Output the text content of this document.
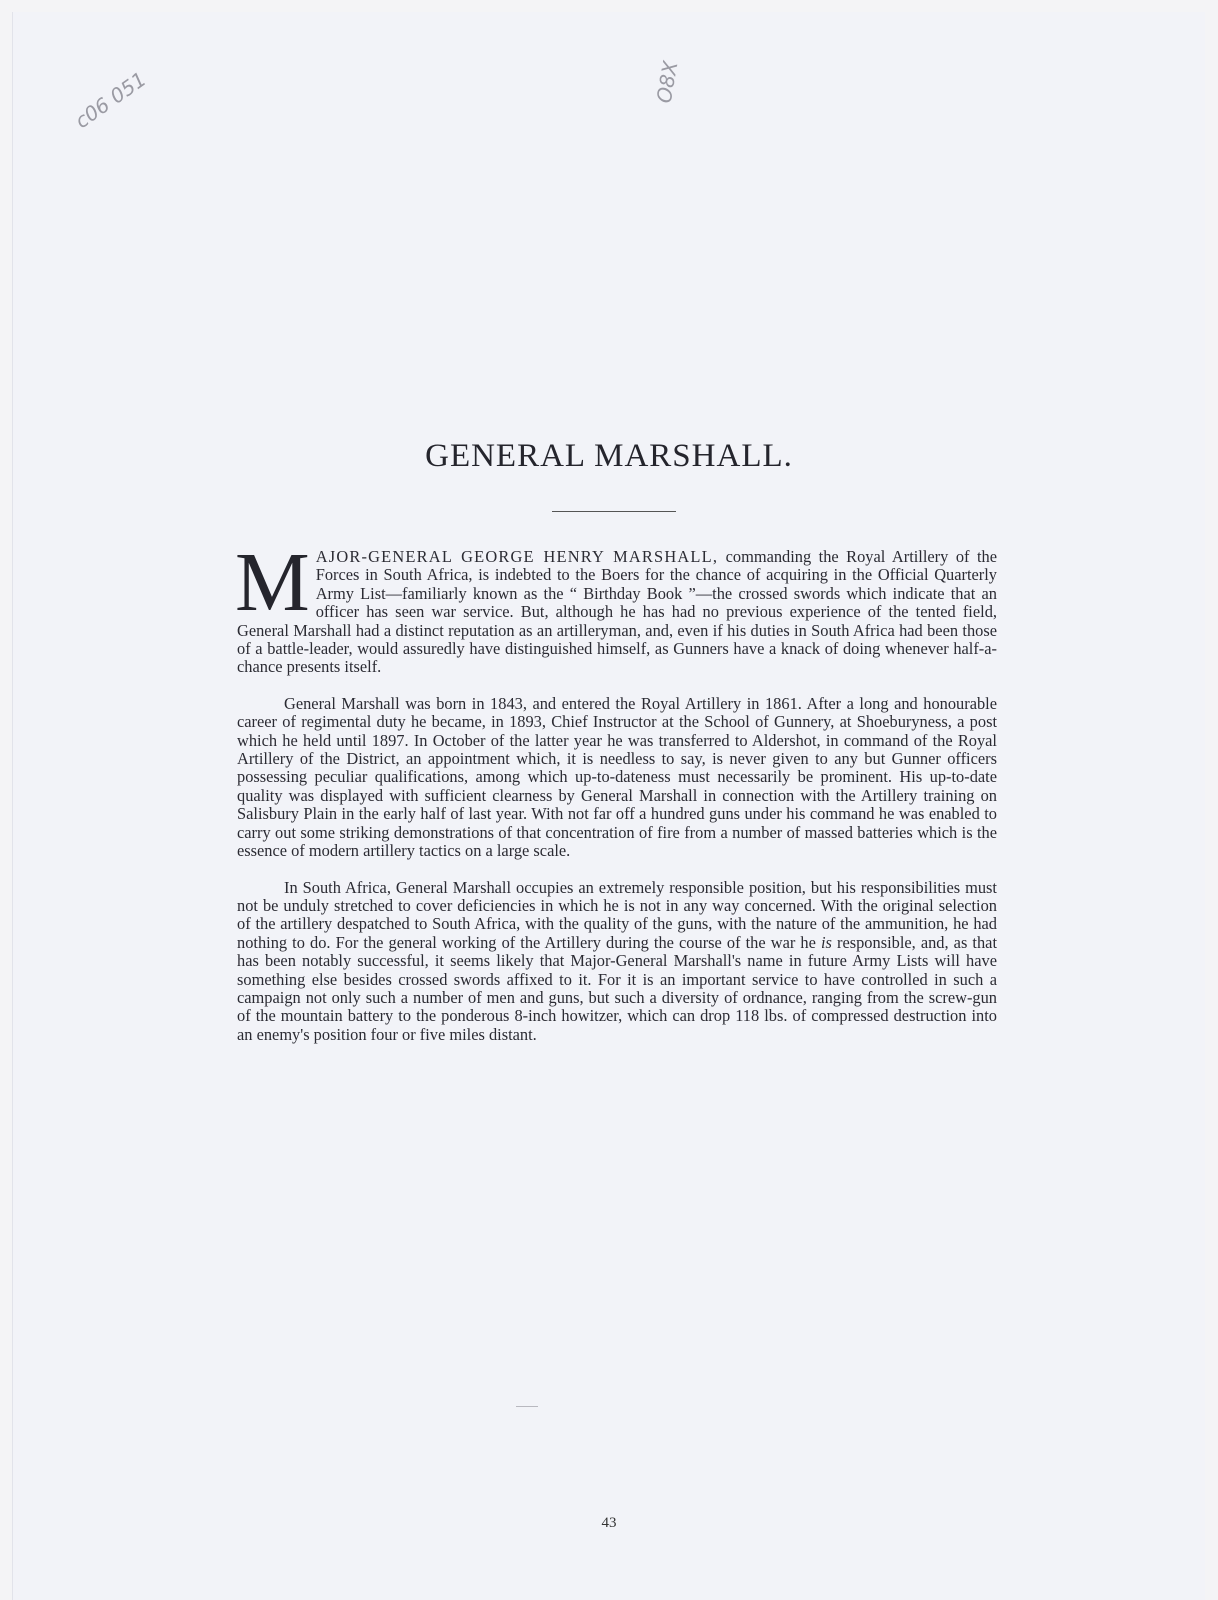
c06 051	O8X
GENERAL MARSHALL.

MAJOR-GENERAL GEORGE HENRY MARSHALL, commanding the Royal Artillery of the Forces in South Africa, is indebted to the Boers for the chance of acquiring in the Official Quarterly Army List—familiarly known as the “ Birthday Book ”—the crossed swords which indicate that an officer has seen war service. But, although he has had no previous experience of the tented field, General Marshall had a distinct reputation as an artilleryman, and, even if his duties in South Africa had been those of a battle-leader, would assuredly have distinguished himself, as Gunners have a knack of doing whenever half-a-chance presents itself.

General Marshall was born in 1843, and entered the Royal Artillery in 1861. After a long and honourable career of regimental duty he became, in 1893, Chief Instructor at the School of Gunnery, at Shoeburyness, a post which he held until 1897. In October of the latter year he was transferred to Aldershot, in command of the Royal Artillery of the District, an appointment which, it is needless to say, is never given to any but Gunner officers possessing peculiar qualifications, among which up-to-dateness must necessarily be prominent. His up-to-date quality was displayed with sufficient clearness by General Marshall in connection with the Artillery training on Salisbury Plain in the early half of last year. With not far off a hundred guns under his command he was enabled to carry out some striking demonstrations of that concentration of fire from a number of massed batteries which is the essence of modern artillery tactics on a large scale.

In South Africa, General Marshall occupies an extremely responsible position, but his responsibilities must not be unduly stretched to cover deficiencies in which he is not in any way concerned. With the original selection of the artillery despatched to South Africa, with the quality of the guns, with the nature of the ammunition, he had nothing to do. For the general working of the Artillery during the course of the war he is responsible, and, as that has been notably successful, it seems likely that Major-General Marshall's name in future Army Lists will have something else besides crossed swords affixed to it. For it is an important service to have controlled in such a campaign not only such a number of men and guns, but such a diversity of ordnance, ranging from the screw-gun of the mountain battery to the ponderous 8-inch howitzer, which can drop 118 lbs. of compressed destruction into an enemy's position four or five miles distant.

43
